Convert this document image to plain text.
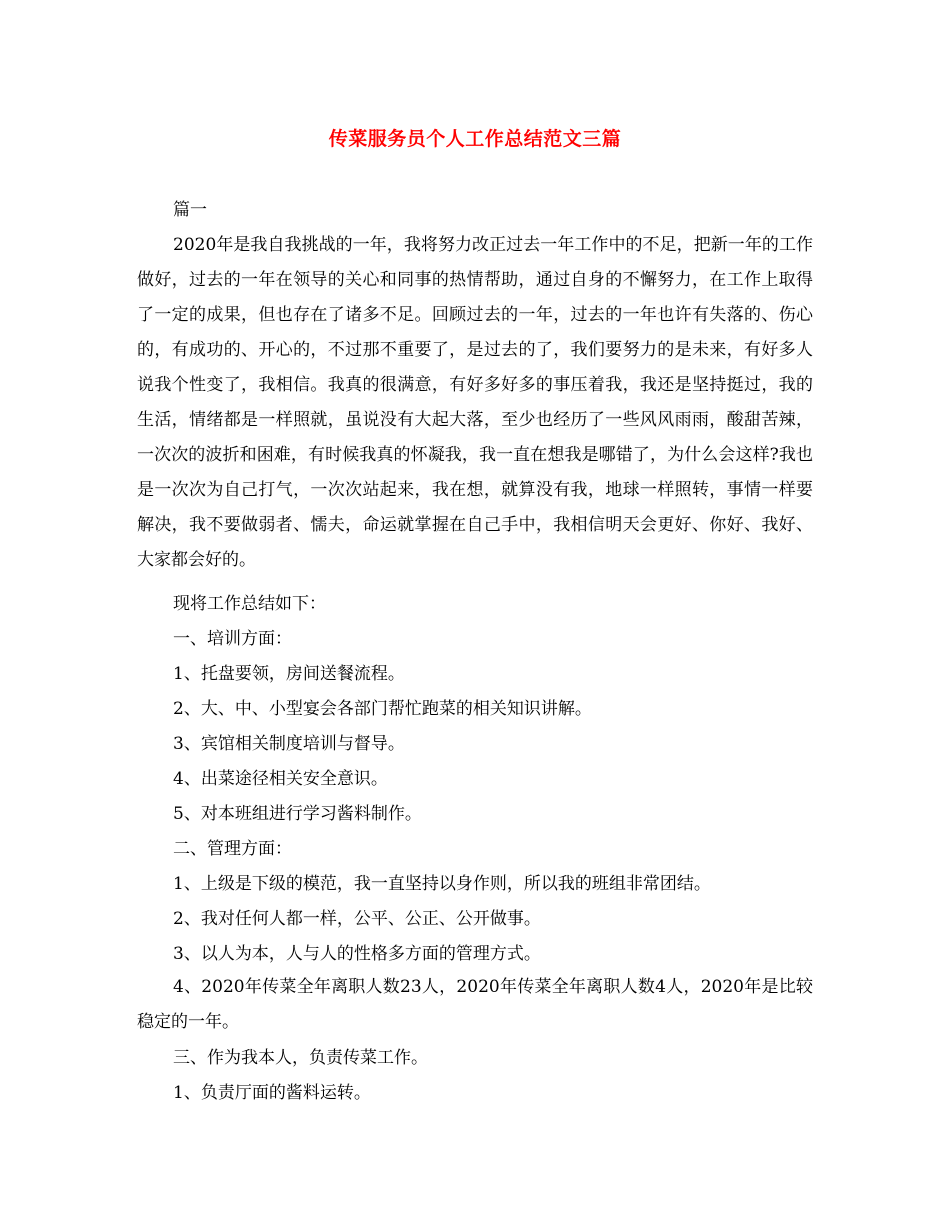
传菜服务员个人工作总结范文三篇

篇一

2020年是我自我挑战的一年，我将努力改正过去一年工作中的不足，把新一年的工作做好，过去的一年在领导的关心和同事的热情帮助，通过自身的不懈努力，在工作上取得了一定的成果，但也存在了诸多不足。回顾过去的一年，过去的一年也许有失落的、伤心的，有成功的、开心的，不过那不重要了，是过去的了，我们要努力的是未来，有好多人说我个性变了，我相信。我真的很满意，有好多好多的事压着我，我还是坚持挺过，我的生活，情绪都是一样照就，虽说没有大起大落，至少也经历了一些风风雨雨，酸甜苦辣，一次次的波折和困难，有时候我真的怀凝我，我一直在想我是哪错了，为什么会这样?我也是一次次为自己打气，一次次站起来，我在想，就算没有我，地球一样照转，事情一样要解决，我不要做弱者、懦夫，命运就掌握在自己手中，我相信明天会更好、你好、我好、大家都会好的。

现将工作总结如下：

一、培训方面：

1、托盘要领，房间送餐流程。

2、大、中、小型宴会各部门帮忙跑菜的相关知识讲解。

3、宾馆相关制度培训与督导。

4、出菜途径相关安全意识。

5、对本班组进行学习酱料制作。

二、管理方面：

1、上级是下级的模范，我一直坚持以身作则，所以我的班组非常团结。

2、我对任何人都一样，公平、公正、公开做事。

3、以人为本，人与人的性格多方面的管理方式。

4、2020年传菜全年离职人数23人，2020年传菜全年离职人数4人，2020年是比较稳定的一年。

三、作为我本人，负责传菜工作。

1、负责厅面的酱料运转。
